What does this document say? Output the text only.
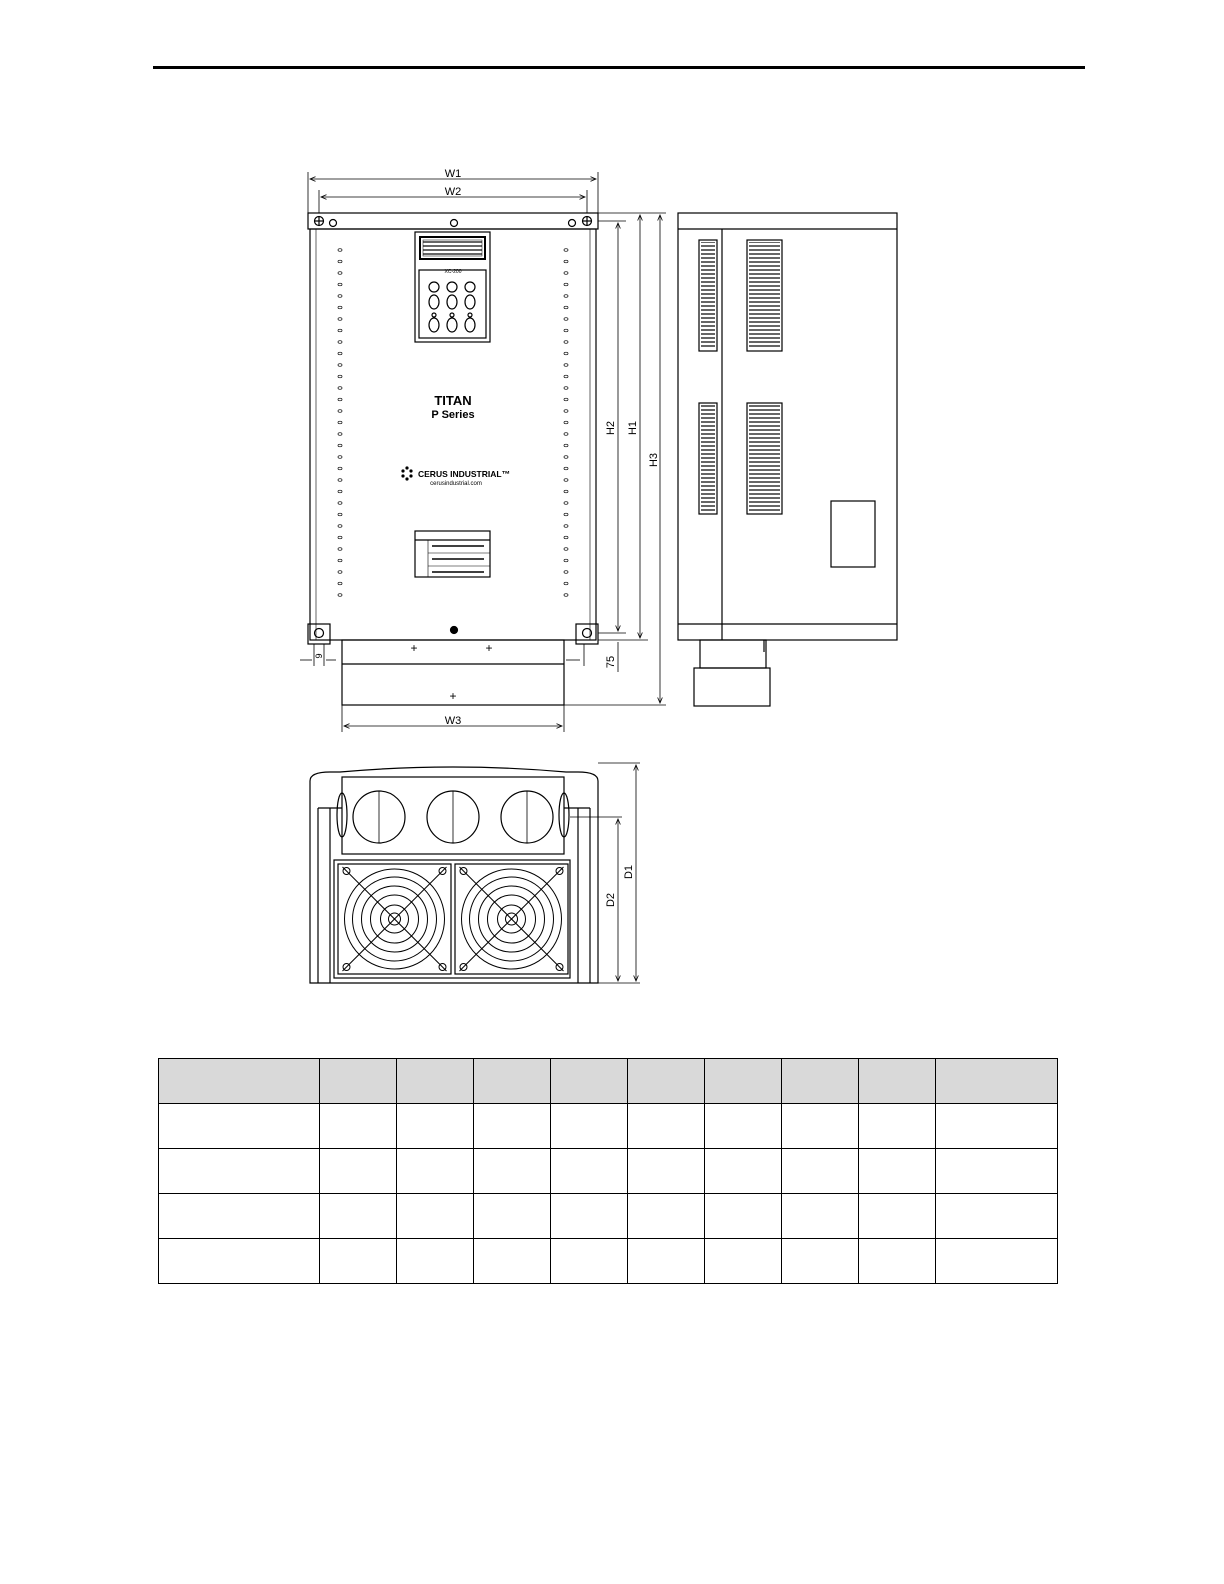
+	+
+
TITAN
P Series
XC-200
CERUS INDUSTRIAL™
cerusindustrial.com
W1
W2
W3
H2 H1
H3
75
9
D1
D2
